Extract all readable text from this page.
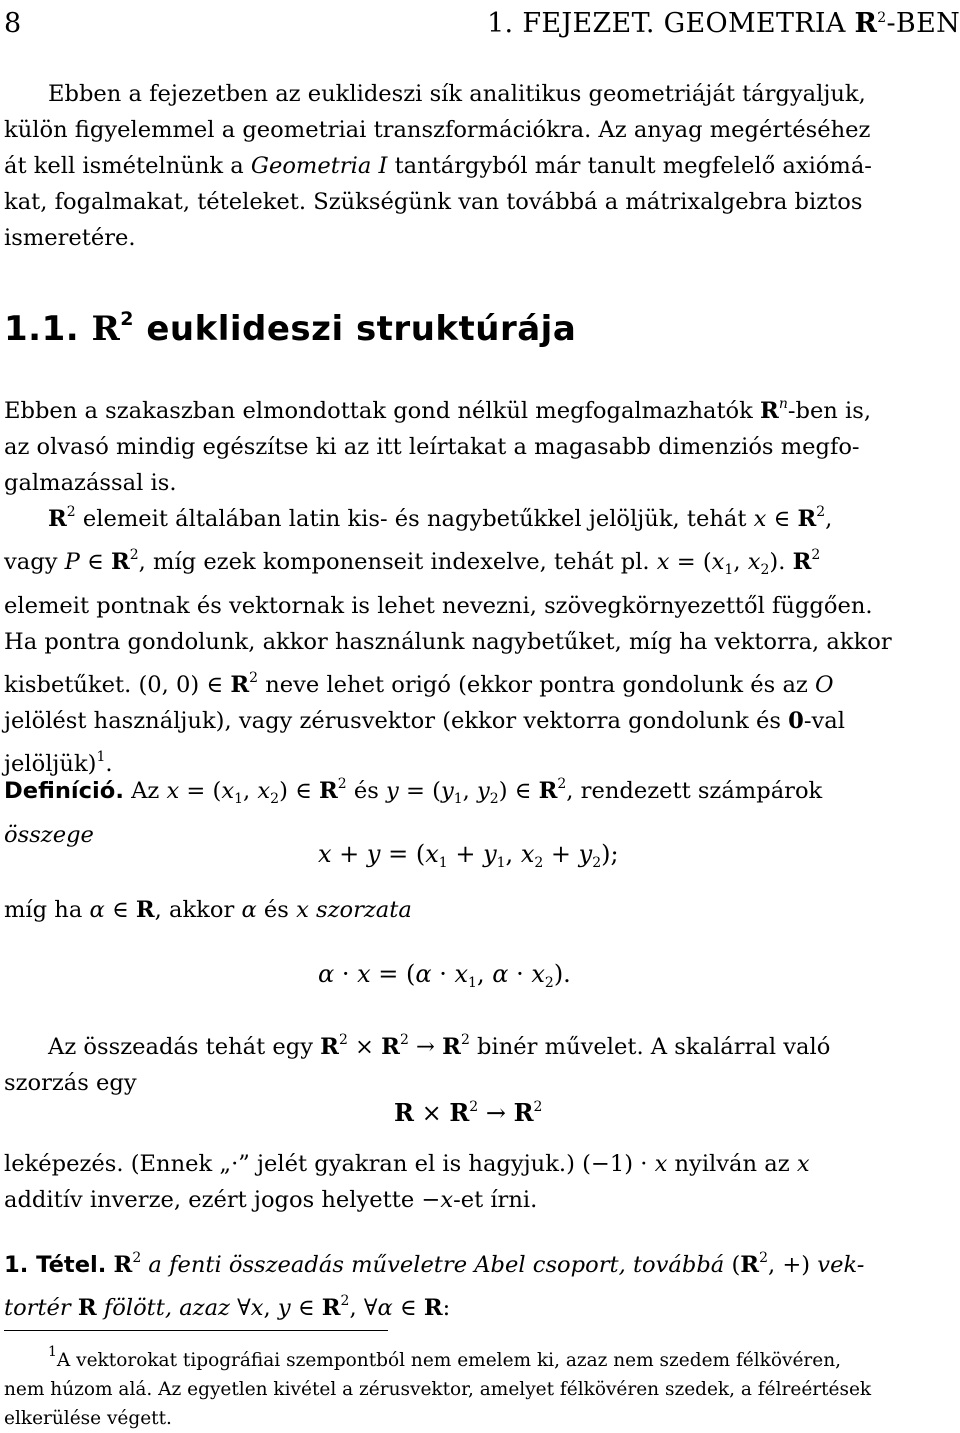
8	1. FEJEZET. GEOMETRIA $R^2$-BEN
Ebben a fejezetben az euklideszi sík analitikus geometriáját tárgyaljuk,
külön figyelemmel a geometriai transzformációkra. Az anyag megértéséhez
át kell ismételnünk a Geometria I tantárgyból már tanult megfelelő axiómá-
kat, fogalmakat, tételeket. Szükségünk van továbbá a mátrixalgebra biztos
ismeretére.
1.1. $R^2$ euklideszi struktúrája
Ebben a szakaszban elmondottak gond nélkül megfogalmazhatók $R^n$-ben is,
az olvasó mindig egészítse ki az itt leírtakat a magasabb dimenziós megfo-
galmazással is.
$R^2$ elemeit általában latin kis- és nagybetűkkel jelöljük, tehát x ∈ $R^2$,
vagy P ∈ $R^2$, míg ezek komponenseit indexelve, tehát pl. $x = (x_1$, $x_2$). $R^2$
elemeit pontnak és vektornak is lehet nevezni, szövegkörnyezettől függően.
Ha pontra gondolunk, akkor használunk nagybetűket, míg ha vektorra, akkor
kisbetűket. (0, 0) ∈ $R^2$ neve lehet origó (ekkor pontra gondolunk és az O
jelölést használjuk), vagy zérusvektor (ekkor vektorra gondolunk és 0-val
jelöljük)$^1$.
Definíció. Az $x = (x_1$, $x_2$) ∈ $R^2$ és $y = (y_1$, $y_2$) ∈ $R^2$, rendezett számpárok
összege
$x + y = (x_1 + y_1$, $x_2 + y_2$);
míg ha α ∈ R, akkor α és x szorzata
$\alpha \cdot x = (\alpha \cdot x_1$, $\alpha \cdot x_2$).
Az összeadás tehát egy $R^2 \times R^2 \to R^2$ binér művelet. A skalárral való
szorzás egy
$R \times R^2 \to R^2$
leképezés. (Ennek „·” jelét gyakran el is hagyjuk.) (−1) · x nyilván az x
additív inverze, ezért jogos helyette −x-et írni.
1. Tétel. $R^2$ a fenti összeadás műveletre Abel csoport, továbbá ($R^2$, +) vek-
tortér R fölött, azaz ∀x, y ∈ $R^2$, ∀α ∈ R:
$^1$A vektorokat tipográfiai szempontból nem emelem ki, azaz nem szedem félkövéren,
nem húzom alá. Az egyetlen kivétel a zérusvektor, amelyet félkövéren szedek, a félreértések
elkerülése végett.
